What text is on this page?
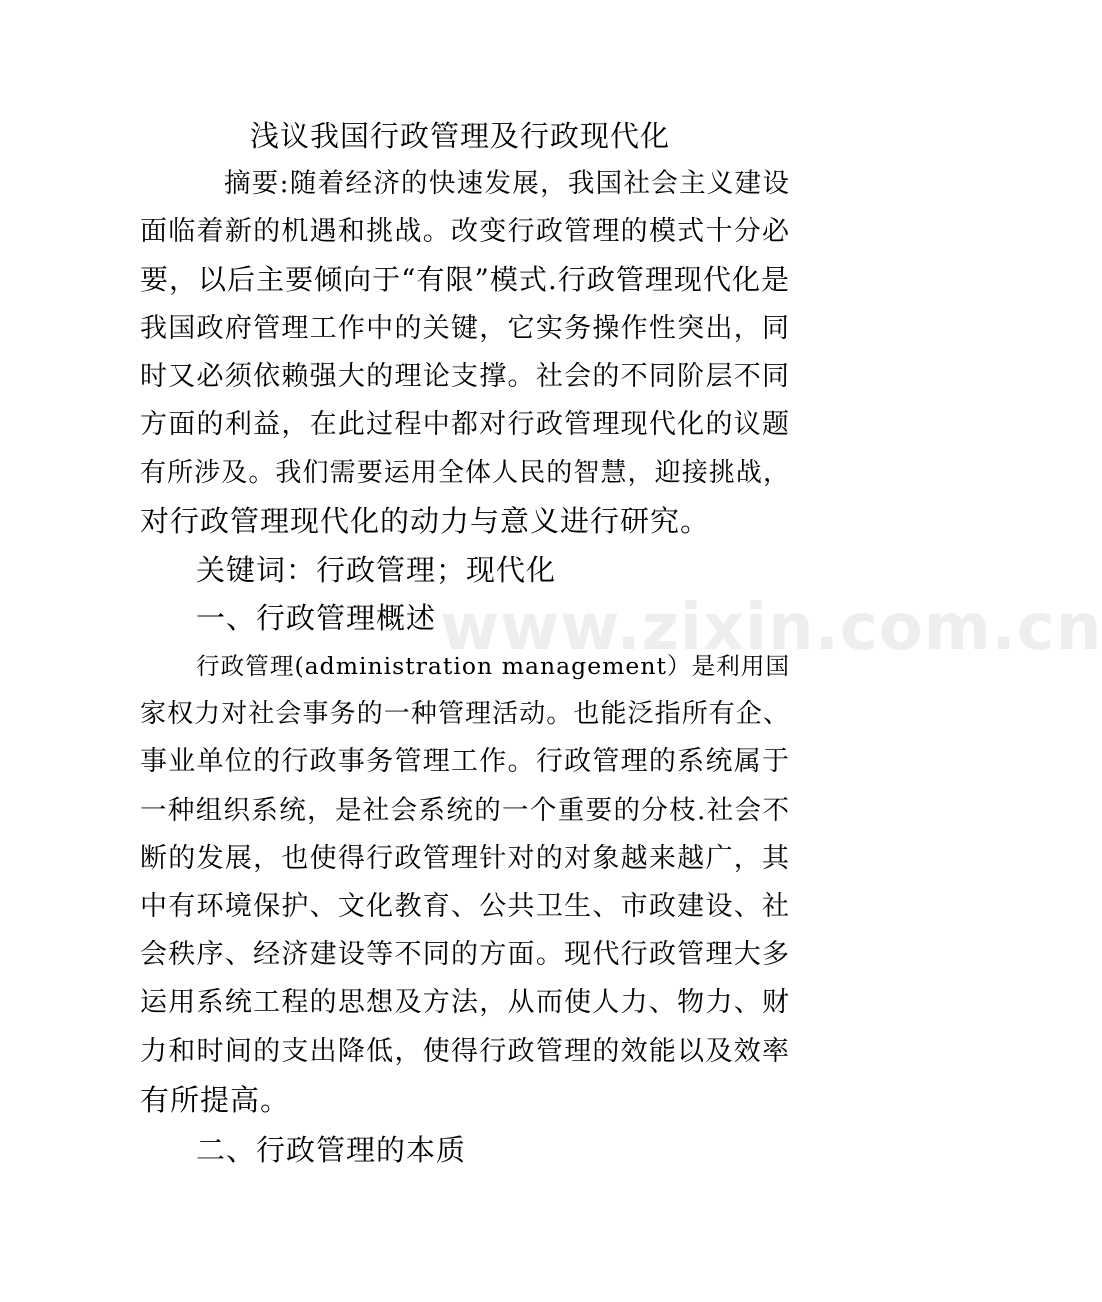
浅议我国行政管理及行政现代化
摘要:随着经济的快速发展，我国社会主义建设
面临着新的机遇和挑战。改变行政管理的模式十分必
要，以后主要倾向于“有限”模式.行政管理现代化是
我国政府管理工作中的关键，它实务操作性突出，同
时又必须依赖强大的理论支撑。社会的不同阶层不同
方面的利益，在此过程中都对行政管理现代化的议题
有所涉及。我们需要运用全体人民的智慧，迎接挑战，
对行政管理现代化的动力与意义进行研究。
关键词：行政管理；现代化
一、行政管理概述
行政管理(administration management）是利用国
家权力对社会事务的一种管理活动。也能泛指所有企、
事业单位的行政事务管理工作。行政管理的系统属于
一种组织系统，是社会系统的一个重要的分枝.社会不
断的发展，也使得行政管理针对的对象越来越广，其
中有环境保护、文化教育、公共卫生、市政建设、社
会秩序、经济建设等不同的方面。现代行政管理大多
运用系统工程的思想及方法，从而使人力、物力、财
力和时间的支出降低，使得行政管理的效能以及效率
有所提高。
二、行政管理的本质
www.zixin.com.cn
